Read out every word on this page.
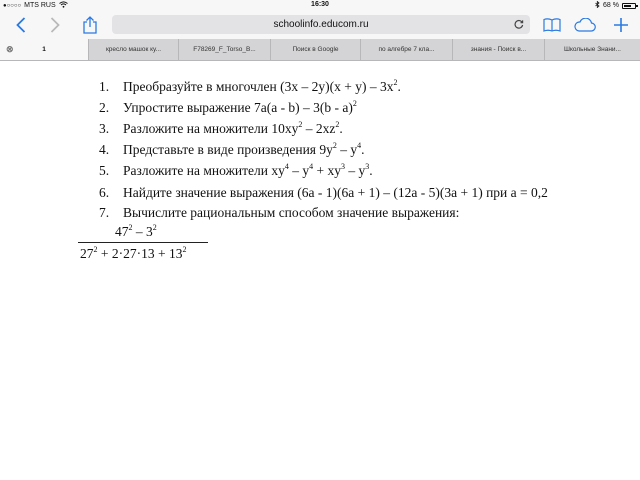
●○○○○ MTS RUS	16:30	68 %
schoolinfo.educom.ru
⊗	1	кресло машок ку...	F78269_F_Torso_B...	Поиск в Google	по алгебре 7 кла...	знания - Поиск в...	Школьные Знани...
1.	Преобразуйте в многочлен $(3x - 2y)(x + y) - 3x^2$.
2.	Упростите выражение 7a(a - b) – 3(b - a)$^2$
3.	Разложите на множители $10xy^2 - 2xz^2$.
4.	Представьте в виде произведения $9y^2 - y^4$.
5.	Разложите на множители $xy^4 - y^4 + xy^3 - y^3$.
6.	Найдите значение выражения (6a - 1)(6a + 1) – (12a - 5)(3a + 1) при a = 0,2
7.	Вычислите рациональным способом значение выражения:
$47^2 - 3^2$
$27^2 + 2\cdot 27\cdot 13 + 13^2$
